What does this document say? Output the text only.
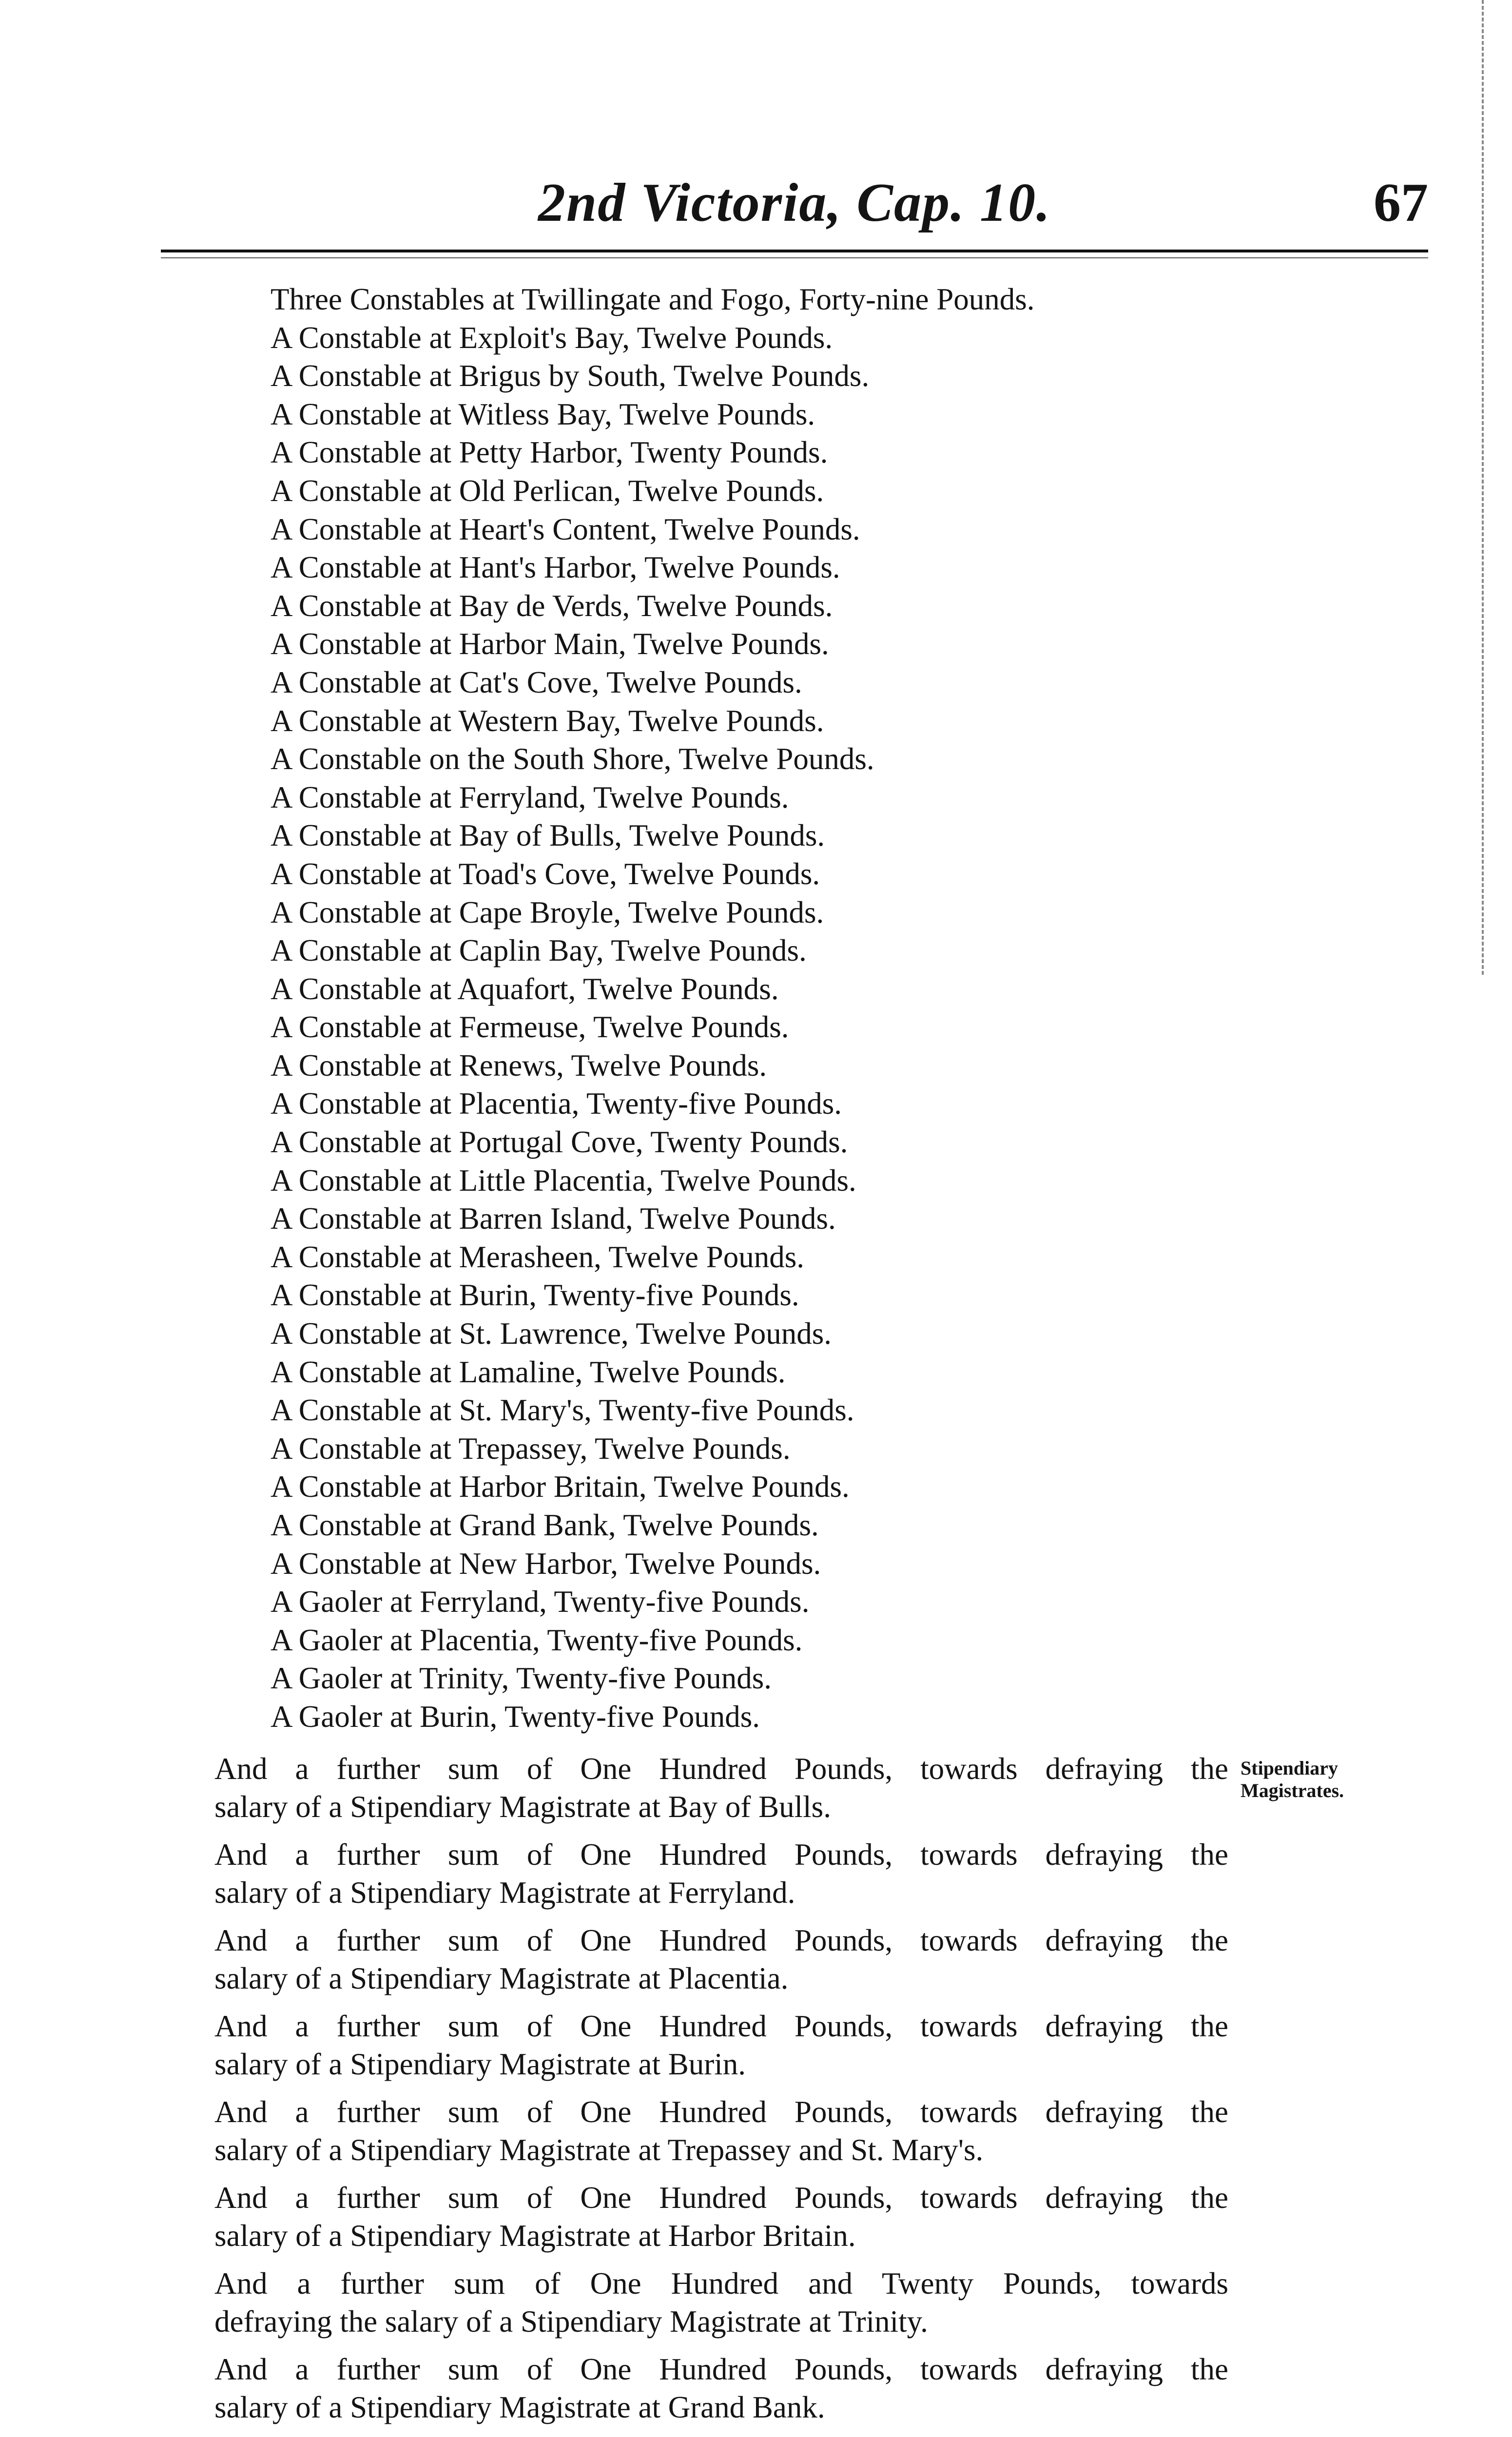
2nd Victoria, Cap. 10.	67
Three Constables at Twillingate and Fogo, Forty-nine Pounds.
A Constable at Exploit's Bay, Twelve Pounds.
A Constable at Brigus by South, Twelve Pounds.
A Constable at Witless Bay, Twelve Pounds.
A Constable at Petty Harbor, Twenty Pounds.
A Constable at Old Perlican, Twelve Pounds.
A Constable at Heart's Content, Twelve Pounds.
A Constable at Hant's Harbor, Twelve Pounds.
A Constable at Bay de Verds, Twelve Pounds.
A Constable at Harbor Main, Twelve Pounds.
A Constable at Cat's Cove, Twelve Pounds.
A Constable at Western Bay, Twelve Pounds.
A Constable on the South Shore, Twelve Pounds.
A Constable at Ferryland, Twelve Pounds.
A Constable at Bay of Bulls, Twelve Pounds.
A Constable at Toad's Cove, Twelve Pounds.
A Constable at Cape Broyle, Twelve Pounds.
A Constable at Caplin Bay, Twelve Pounds.
A Constable at Aquafort, Twelve Pounds.
A Constable at Fermeuse, Twelve Pounds.
A Constable at Renews, Twelve Pounds.
A Constable at Placentia, Twenty-five Pounds.
A Constable at Portugal Cove, Twenty Pounds.
A Constable at Little Placentia, Twelve Pounds.
A Constable at Barren Island, Twelve Pounds.
A Constable at Merasheen, Twelve Pounds.
A Constable at Burin, Twenty-five Pounds.
A Constable at St. Lawrence, Twelve Pounds.
A Constable at Lamaline, Twelve Pounds.
A Constable at St. Mary's, Twenty-five Pounds.
A Constable at Trepassey, Twelve Pounds.
A Constable at Harbor Britain, Twelve Pounds.
A Constable at Grand Bank, Twelve Pounds.
A Constable at New Harbor, Twelve Pounds.
A Gaoler at Ferryland, Twenty-five Pounds.
A Gaoler at Placentia, Twenty-five Pounds.
A Gaoler at Trinity, Twenty-five Pounds.
A Gaoler at Burin, Twenty-five Pounds.
Stipendiary Magistrates.

And a further sum of One Hundred Pounds, towards defraying the
salary of a Stipendiary Magistrate at Bay of Bulls.

And a further sum of One Hundred Pounds, towards defraying the
salary of a Stipendiary Magistrate at Ferryland.

And a further sum of One Hundred Pounds, towards defraying the
salary of a Stipendiary Magistrate at Placentia.

And a further sum of One Hundred Pounds, towards defraying the
salary of a Stipendiary Magistrate at Burin.

And a further sum of One Hundred Pounds, towards defraying the
salary of a Stipendiary Magistrate at Trepassey and St. Mary's.

And a further sum of One Hundred Pounds, towards defraying the
salary of a Stipendiary Magistrate at Harbor Britain.

And a further sum of One Hundred and Twenty Pounds, towards
defraying the salary of a Stipendiary Magistrate at Trinity.

And a further sum of One Hundred Pounds, towards defraying the
salary of a Stipendiary Magistrate at Grand Bank.
